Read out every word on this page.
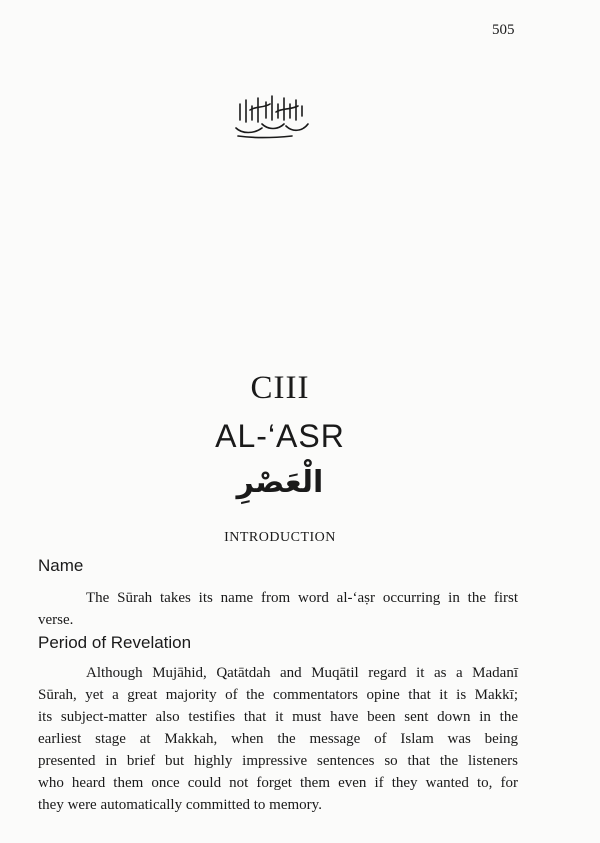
505
CIII
AL-‘ASR
الْعَصْرِ
INTRODUCTION
Name
The Sūrah takes its name from word al-‘aṣr occurring in the first
verse.
Period of Revelation
Although Mujāhid, Qatātdah and Muqātil regard it as a Madanī
Sūrah, yet a great majority of the commentators opine that it is Makkī;
its subject-matter also testifies that it must have been sent down in the
earliest stage at Makkah, when the message of Islam was being
presented in brief but highly impressive sentences so that the listeners
who heard them once could not forget them even if they wanted to, for
they were automatically committed to memory.
